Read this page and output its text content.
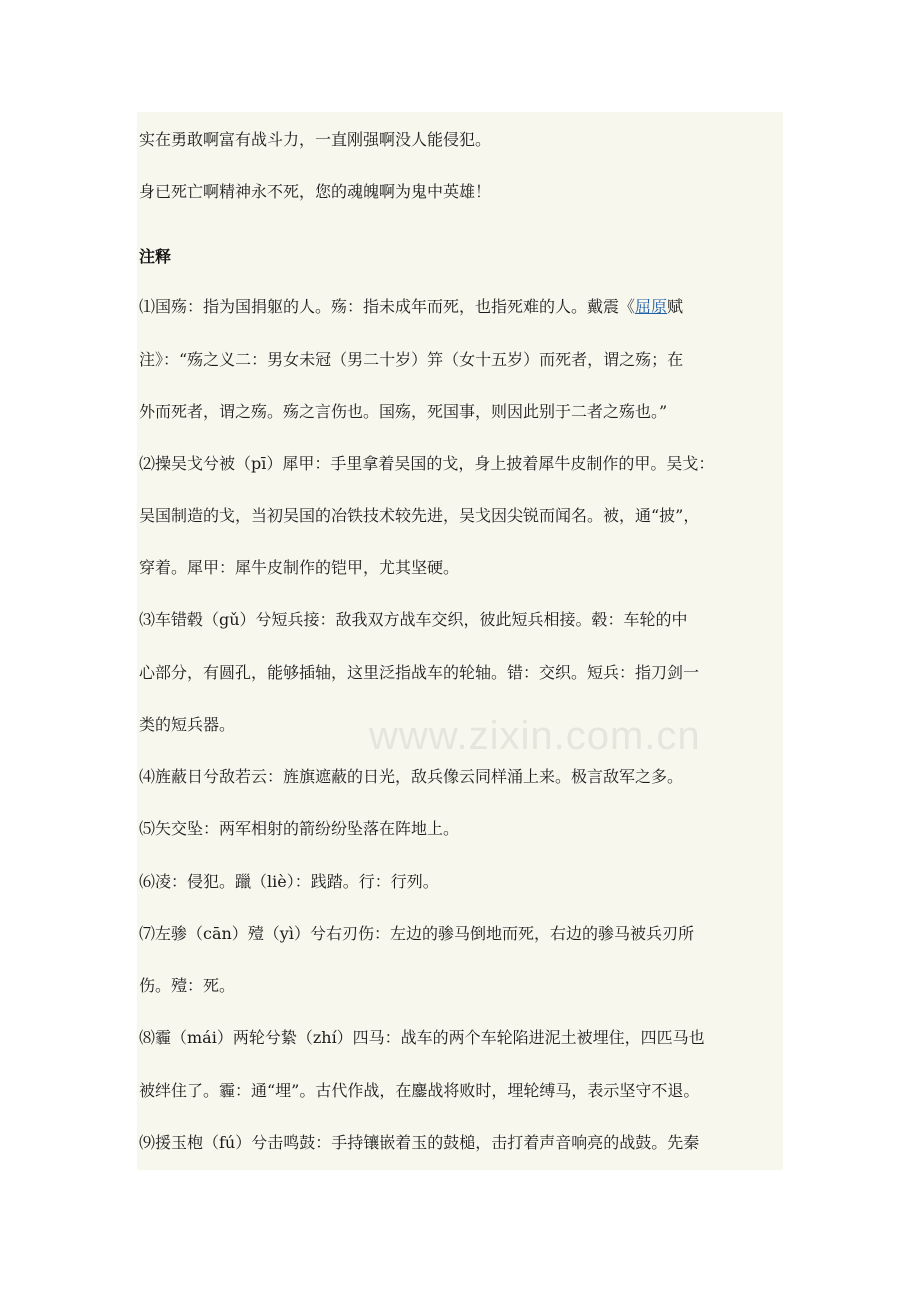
www.zixin.com.cn
实在勇敢啊富有战斗力，一直刚强啊没人能侵犯。
身已死亡啊精神永不死，您的魂魄啊为鬼中英雄！
注释
⑴国殇：指为国捐躯的人。殇：指未成年而死，也指死难的人。戴震《屈原赋
注》：“殇之义二：男女未冠（男二十岁）笄（女十五岁）而死者，谓之殇；在
外而死者，谓之殇。殇之言伤也。国殇，死国事，则因此别于二者之殇也。”
⑵操吴戈兮被（pī）犀甲：手里拿着吴国的戈，身上披着犀牛皮制作的甲。吴戈：
吴国制造的戈，当初吴国的冶铁技术较先进，吴戈因尖锐而闻名。被，通“披”，
穿着。犀甲：犀牛皮制作的铠甲，尤其坚硬。
⑶车错毂（gǔ）兮短兵接：敌我双方战车交织，彼此短兵相接。毂：车轮的中
心部分，有圆孔，能够插轴，这里泛指战车的轮轴。错：交织。短兵：指刀剑一
类的短兵器。
⑷旌蔽日兮敌若云：旌旗遮蔽的日光，敌兵像云同样涌上来。极言敌军之多。
⑸矢交坠：两军相射的箭纷纷坠落在阵地上。
⑹凌：侵犯。躐（liè）：践踏。行：行列。
⑺左骖（cān）殪（yì）兮右刃伤：左边的骖马倒地而死，右边的骖马被兵刃所
伤。殪：死。
⑻霾（mái）两轮兮絷（zhí）四马：战车的两个车轮陷进泥土被埋住，四匹马也
被绊住了。霾：通“埋”。古代作战，在鏖战将败时，埋轮缚马，表示坚守不退。
⑼援玉枹（fú）兮击鸣鼓：手持镶嵌着玉的鼓槌，击打着声音响亮的战鼓。先秦
